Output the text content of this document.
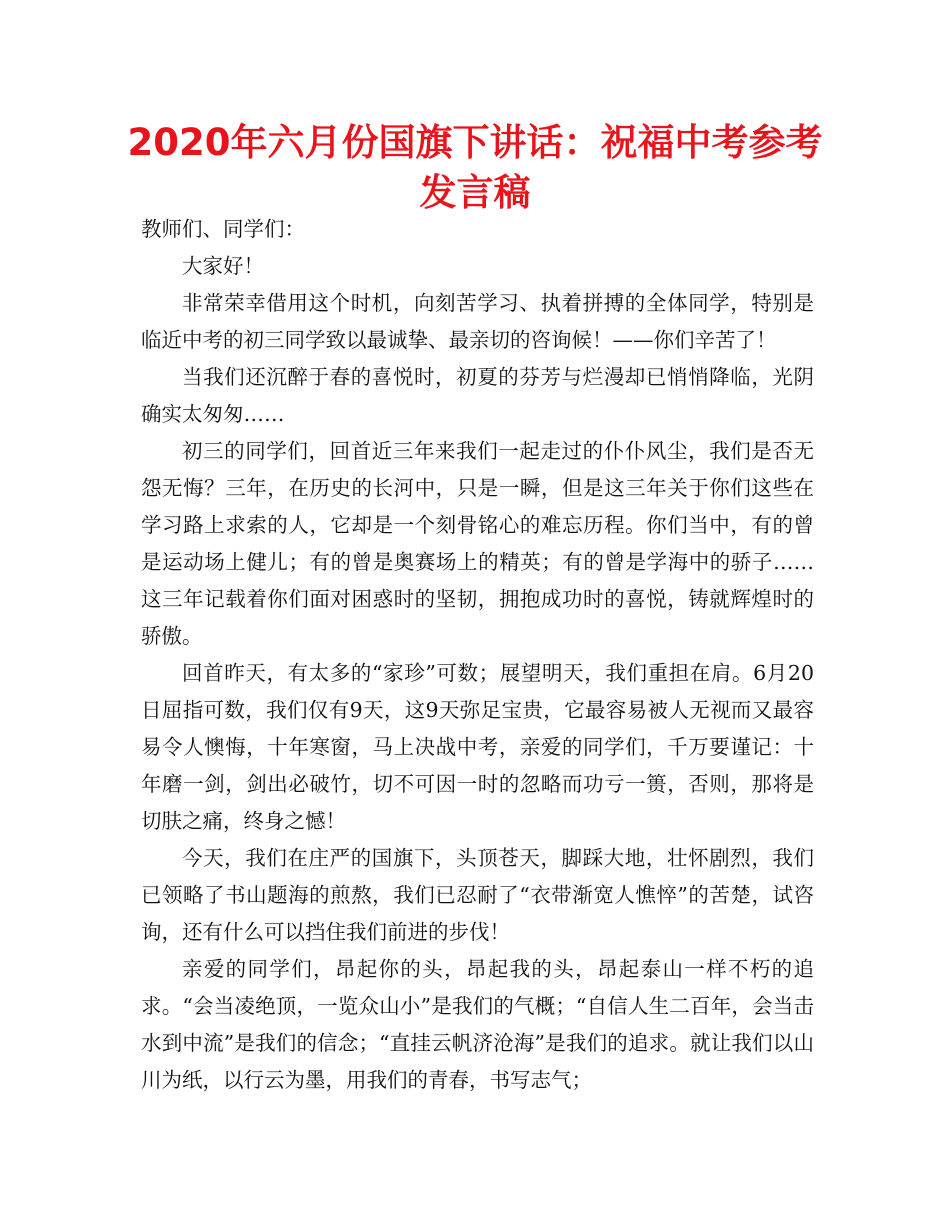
2020年六月份国旗下讲话：祝福中考参考发言稿

教师们、同学们：

大家好！

非常荣幸借用这个时机，向刻苦学习、执着拼搏的全体同学，特别是临近中考的初三同学致以最诚挚、最亲切的咨询候！——你们辛苦了！

当我们还沉醉于春的喜悦时，初夏的芬芳与烂漫却已悄悄降临，光阴确实太匆匆……

初三的同学们，回首近三年来我们一起走过的仆仆风尘，我们是否无怨无悔？三年，在历史的长河中，只是一瞬，但是这三年关于你们这些在学习路上求索的人，它却是一个刻骨铭心的难忘历程。你们当中，有的曾是运动场上健儿；有的曾是奥赛场上的精英；有的曾是学海中的骄子……这三年记载着你们面对困惑时的坚韧，拥抱成功时的喜悦，铸就辉煌时的骄傲。

回首昨天，有太多的“家珍”可数；展望明天，我们重担在肩。6月20日屈指可数，我们仅有9天，这9天弥足宝贵，它最容易被人无视而又最容易令人懊悔，十年寒窗，马上决战中考，亲爱的同学们，千万要谨记：十年磨一剑，剑出必破竹，切不可因一时的忽略而功亏一篑，否则，那将是切肤之痛，终身之憾！

今天，我们在庄严的国旗下，头顶苍天，脚踩大地，壮怀剧烈，我们已领略了书山题海的煎熬，我们已忍耐了“衣带渐宽人憔悴”的苦楚，试咨询，还有什么可以挡住我们前进的步伐！

亲爱的同学们，昂起你的头，昂起我的头，昂起泰山一样不朽的追求。“会当凌绝顶，一览众山小”是我们的气概；“自信人生二百年，会当击水到中流”是我们的信念；“直挂云帆济沧海”是我们的追求。就让我们以山川为纸，以行云为墨，用我们的青春，书写志气；
